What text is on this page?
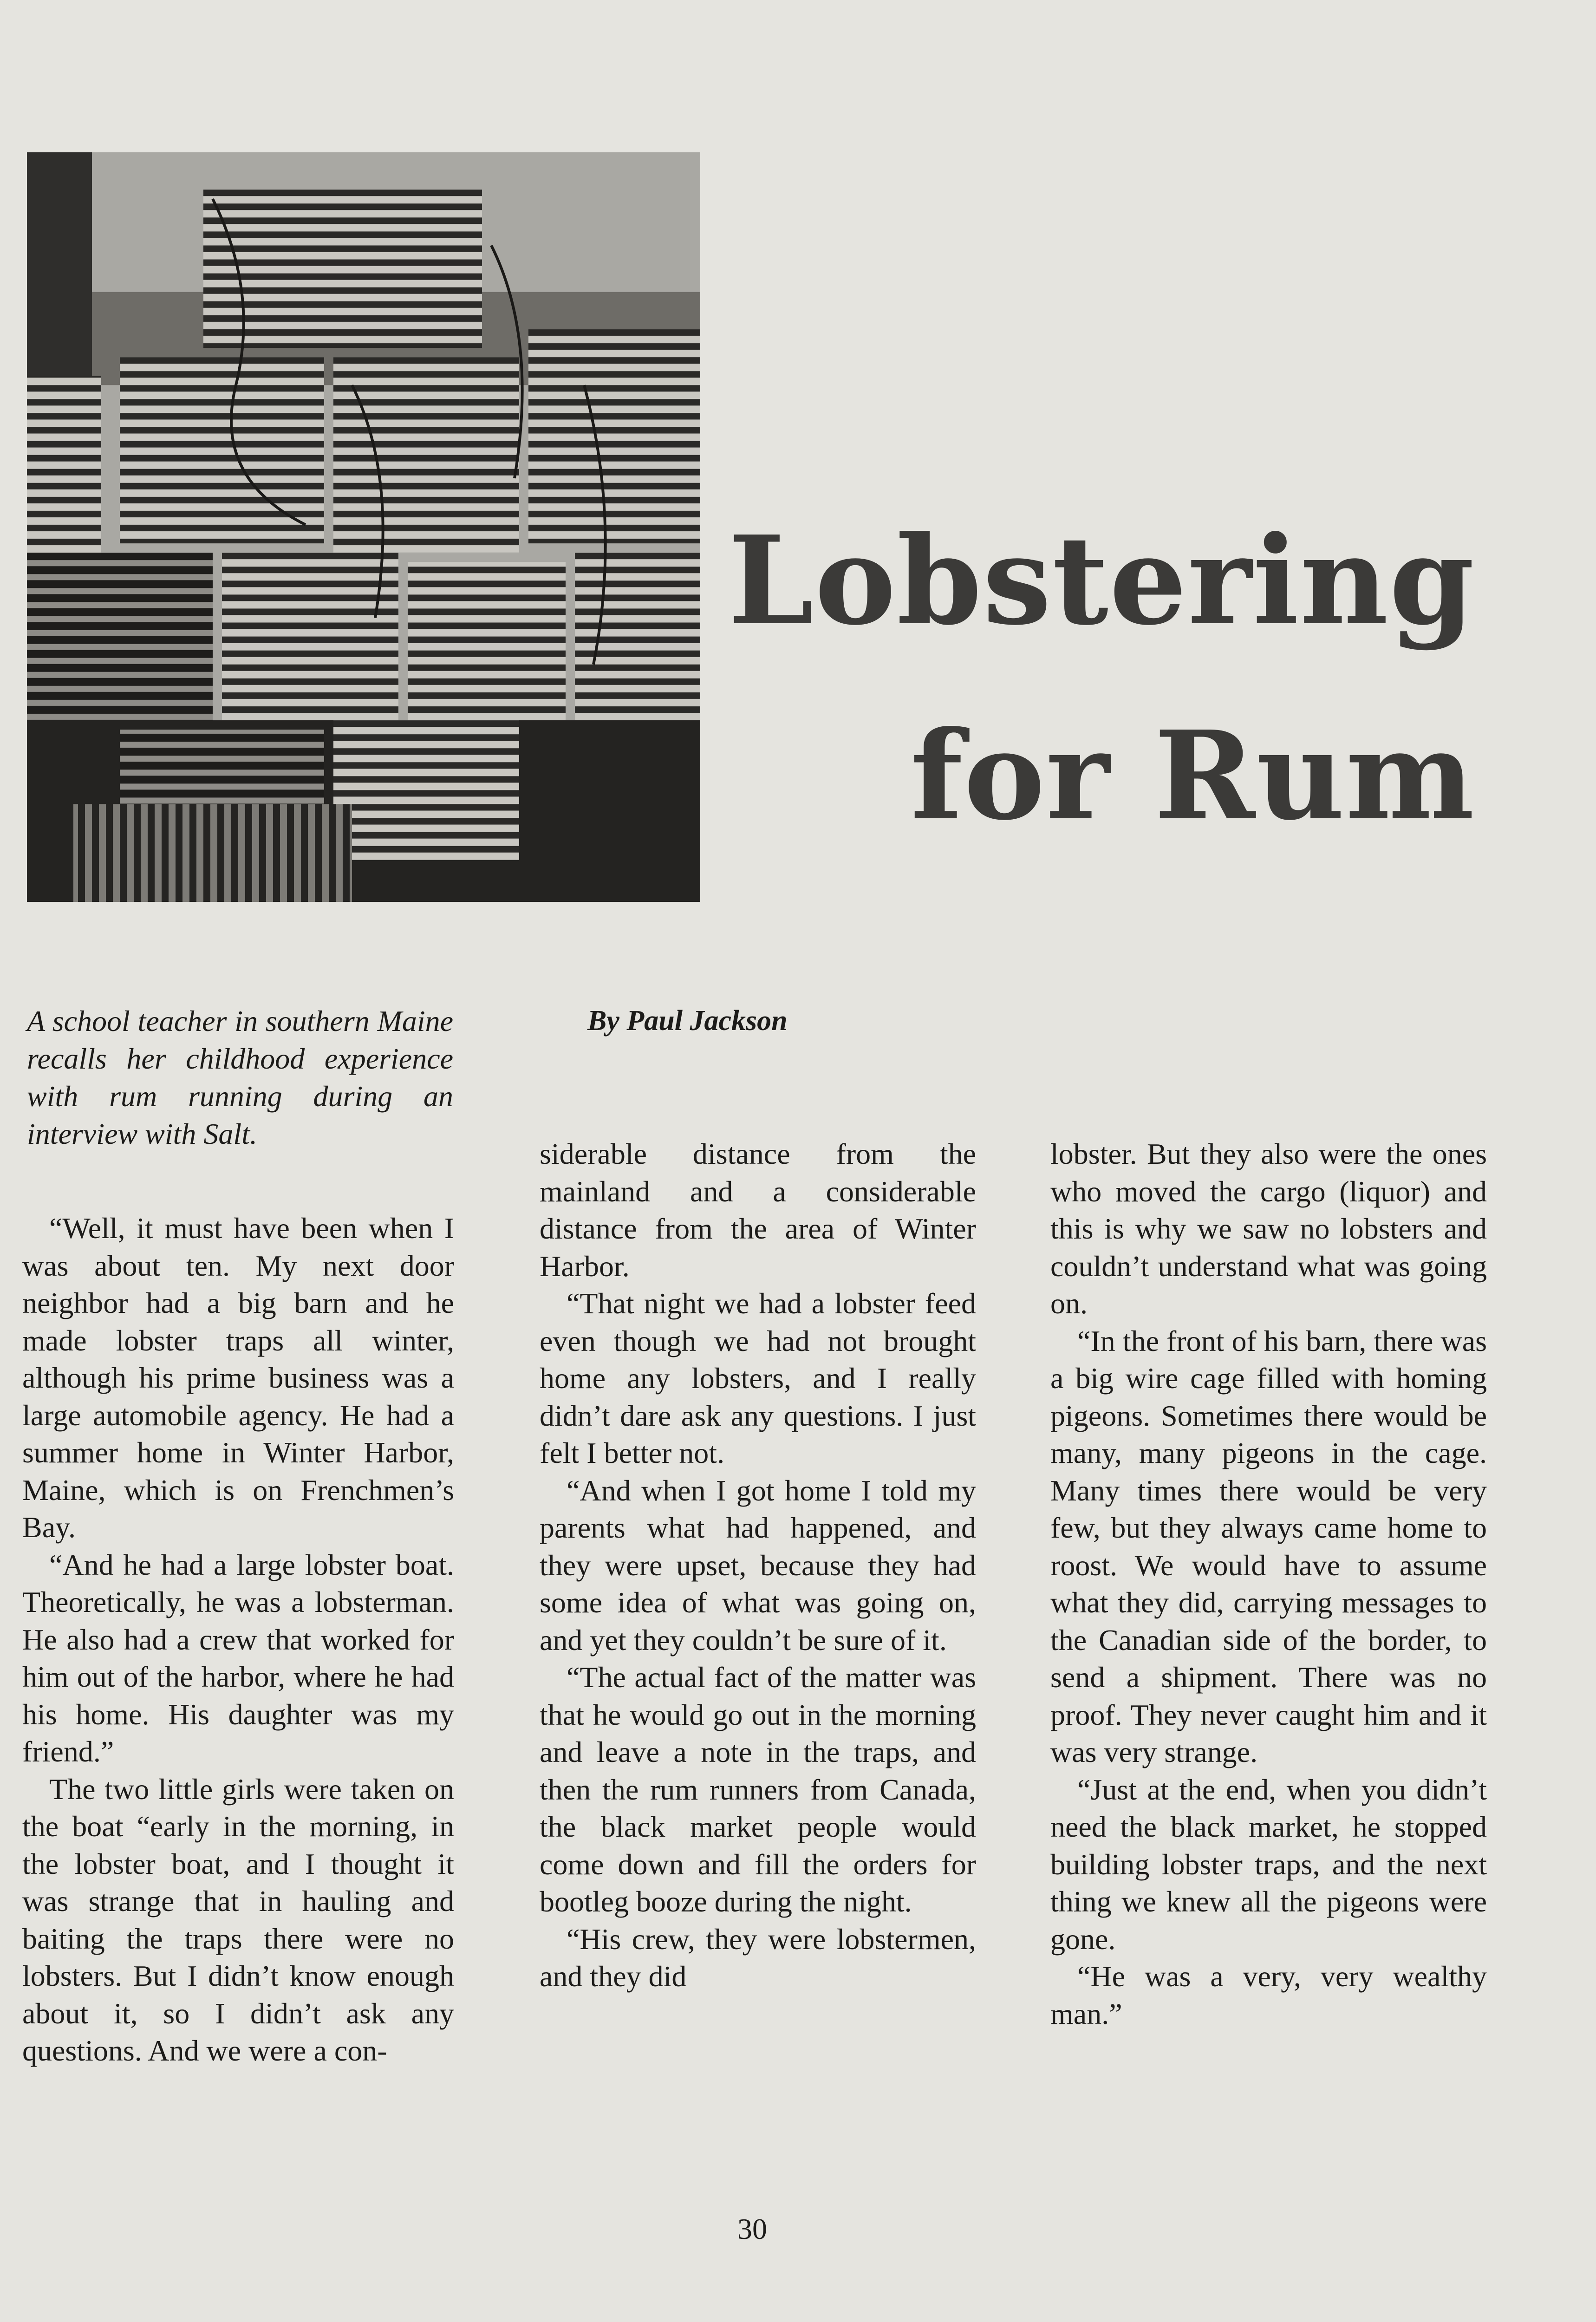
Lobstering
for Rum
A school teacher in southern Maine recalls her childhood experience with rum running during an interview with Salt.
By Paul Jackson

“Well, it must have been when I was about ten. My next door neighbor had a big barn and he made lobster traps all winter, although his prime business was a large automobile agency. He had a summer home in Winter Harbor, Maine, which is on Frenchmen’s Bay.

“And he had a large lobster boat. Theoretically, he was a lobsterman. He also had a crew that worked for him out of the harbor, where he had his home. His daughter was my friend.”

The two little girls were taken on the boat “early in the morning, in the lobster boat, and I thought it was strange that in hauling and baiting the traps there were no lobsters. But I didn’t know enough about it, so I didn’t ask any questions. And we were a con-

siderable distance from the mainland and a considerable distance from the area of Winter Harbor.

“That night we had a lobster feed even though we had not brought home any lobsters, and I really didn’t dare ask any questions. I just felt I better not.

“And when I got home I told my parents what had happened, and they were upset, because they had some idea of what was going on, and yet they couldn’t be sure of it.

“The actual fact of the matter was that he would go out in the morning and leave a note in the traps, and then the rum runners from Canada, the black market people would come down and fill the orders for bootleg booze during the night.

“His crew, they were lobstermen, and they did

lobster. But they also were the ones who moved the cargo (liquor) and this is why we saw no lobsters and couldn’t understand what was going on.

“In the front of his barn, there was a big wire cage filled with homing pigeons. Sometimes there would be many, many pigeons in the cage. Many times there would be very few, but they always came home to roost. We would have to assume what they did, carrying messages to the Canadian side of the border, to send a shipment. There was no proof. They never caught him and it was very strange.

“Just at the end, when you didn’t need the black market, he stopped building lobster traps, and the next thing we knew all the pigeons were gone.

“He was a very, very wealthy man.”

30
